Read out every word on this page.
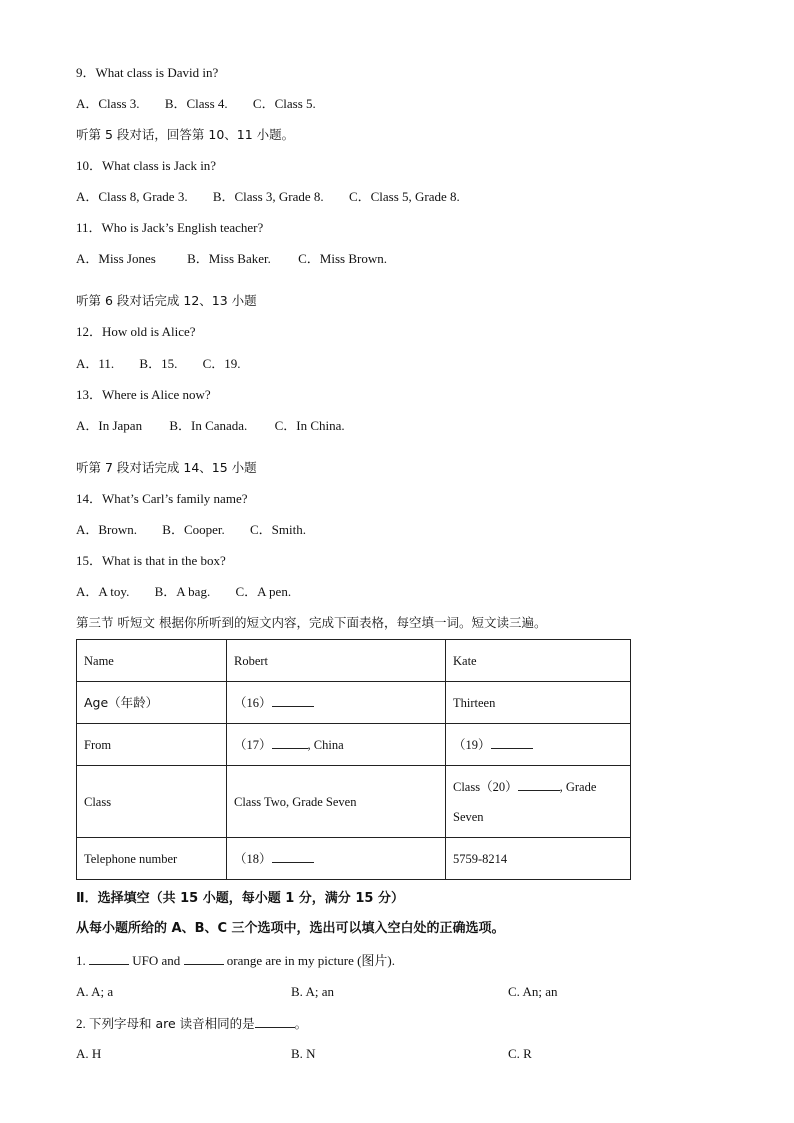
9．What class is David in?
A．Class 3. B．Class 4. C．Class 5.
听第 5 段对话，回答第 10、11 小题。
10．What class is Jack in?
A．Class 8, Grade 3. B．Class 3, Grade 8. C．Class 5, Grade 8.
11．Who is Jack’s English teacher?
A．Miss Jones B．Miss Baker. C．Miss Brown.
听第 6 段对话完成 12、13 小题
12．How old is Alice?
A．11. B．15. C．19.
13．Where is Alice now?
A．In Japan B．In Canada. C．In China.
听第 7 段对话完成 14、15 小题
14．What’s Carl’s family name?
A．Brown. B．Cooper. C．Smith.
15．What is that in the box?
A．A toy. B．A bag. C．A pen.
第三节 听短文 根据你所听到的短文内容，完成下面表格，每空填一词。短文读三遍。
Name	Robert	Kate
Age（年龄）	（16）	Thirteen
From	（17） , China	（19）
Class	Class Two, Grade Seven	Class（20） , Grade
Seven

Telephone number	（18）	5759-8214
Ⅱ．选择填空（共 15 小题，每小题 1 分，满分 15 分）
从每小题所给的 A、B、C 三个选项中，选出可以填入空白处的正确选项。
1.	UFO and	orange are in my picture (图片).
A. A; a	B. A; an	C. An; an
2. 下列字母和 are 读音相同的是	。
A. H	B. N	C. R
